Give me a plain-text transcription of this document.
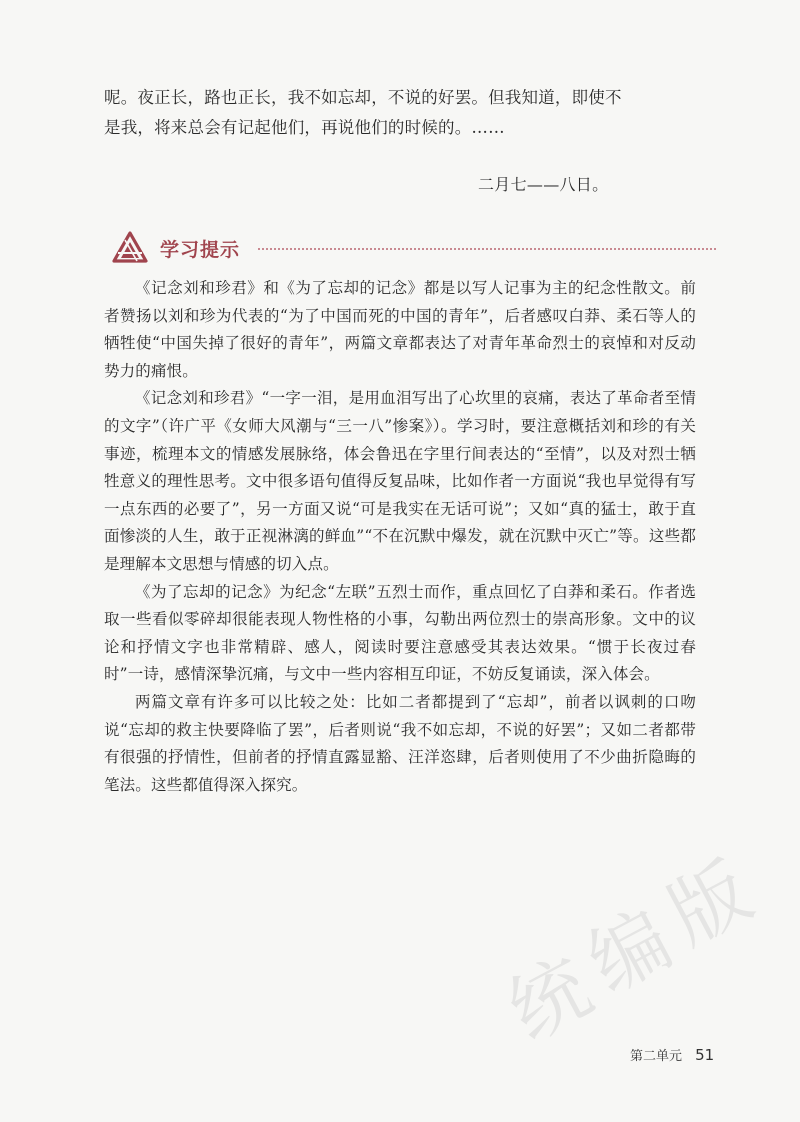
呢。夜正长，路也正长，我不如忘却，不说的好罢。但我知道，即使不

是我，将来总会有记起他们，再说他们的时候的。……

二月七——八日。
学习提示

《记念刘和珍君》和《为了忘却的记念》都是以写人记事为主的纪念性散文。前者赞扬以刘和珍为代表的“为了中国而死的中国的青年”，后者感叹白莽、柔石等人的牺牲使“中国失掉了很好的青年”，两篇文章都表达了对青年革命烈士的哀悼和对反动势力的痛恨。

《记念刘和珍君》“一字一泪，是用血泪写出了心坎里的哀痛，表达了革命者至情的文字”（许广平《女师大风潮与“三一八”惨案》）。学习时，要注意概括刘和珍的有关事迹，梳理本文的情感发展脉络，体会鲁迅在字里行间表达的“至情”，以及对烈士牺牲意义的理性思考。文中很多语句值得反复品味，比如作者一方面说“我也早觉得有写一点东西的必要了”，另一方面又说“可是我实在无话可说”；又如“真的猛士，敢于直面惨淡的人生，敢于正视淋漓的鲜血”“不在沉默中爆发，就在沉默中灭亡”等。这些都是理解本文思想与情感的切入点。

《为了忘却的记念》为纪念“左联”五烈士而作，重点回忆了白莽和柔石。作者选取一些看似零碎却很能表现人物性格的小事，勾勒出两位烈士的崇高形象。文中的议论和抒情文字也非常精辟、感人，阅读时要注意感受其表达效果。“惯于长夜过春时”一诗，感情深挚沉痛，与文中一些内容相互印证，不妨反复诵读，深入体会。

两篇文章有许多可以比较之处：比如二者都提到了“忘却”，前者以讽刺的口吻说“忘却的救主快要降临了罢”，后者则说“我不如忘却，不说的好罢”；又如二者都带有很强的抒情性，但前者的抒情直露显豁、汪洋恣肆，后者则使用了不少曲折隐晦的笔法。这些都值得深入探究。

统
编
版
第二单元 51
